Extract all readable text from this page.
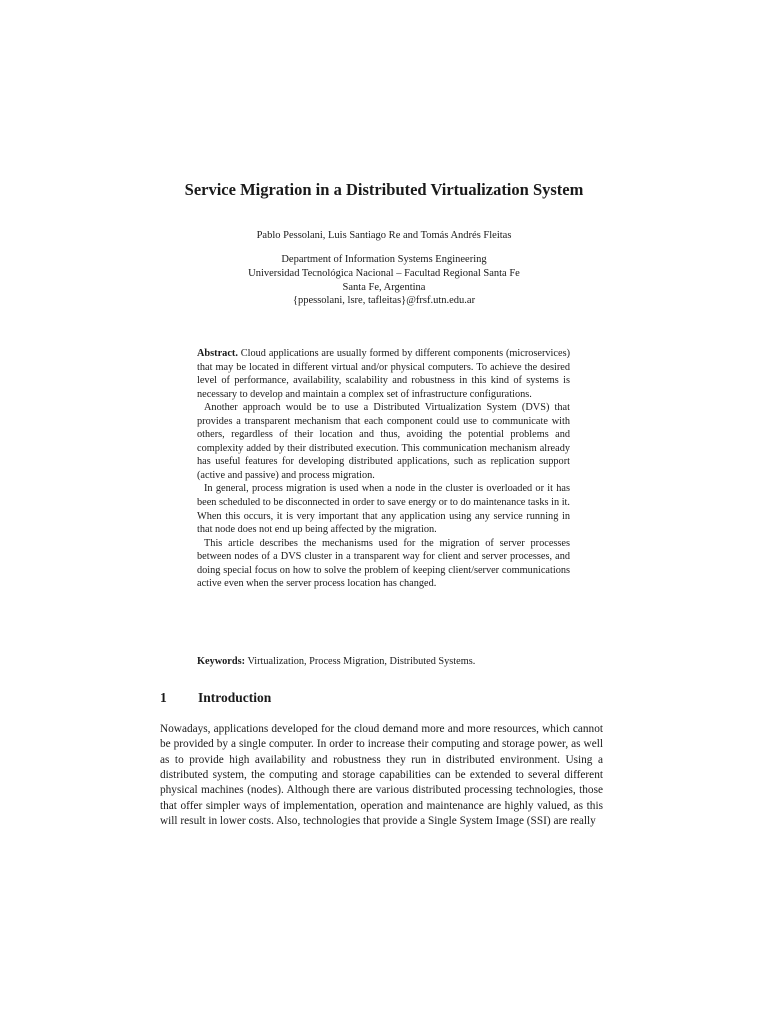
Service Migration in a Distributed Virtualization System
Pablo Pessolani, Luis Santiago Re and Tomás Andrés Fleitas
Department of Information Systems Engineering
Universidad Tecnológica Nacional – Facultad Regional Santa Fe
Santa Fe, Argentina
{ppessolani, lsre, tafleitas}@frsf.utn.edu.ar

Abstract. Cloud applications are usually formed by different components (microservices) that may be located in different virtual and/or physical computers. To achieve the desired level of performance, availability, scalability and robustness in this kind of systems is necessary to develop and maintain a complex set of infrastructure configurations.

Another approach would be to use a Distributed Virtualization System (DVS) that provides a transparent mechanism that each component could use to communicate with others, regardless of their location and thus, avoiding the potential problems and complexity added by their distributed execution. This communication mechanism already has useful features for developing distributed applications, such as replication support (active and passive) and process migration.

In general, process migration is used when a node in the cluster is overloaded or it has been scheduled to be disconnected in order to save energy or to do maintenance tasks in it. When this occurs, it is very important that any application using any service running in that node does not end up being affected by the migration.

This article describes the mechanisms used for the migration of server processes between nodes of a DVS cluster in a transparent way for client and server processes, and doing special focus on how to solve the problem of keeping client/server communications active even when the server process location has changed.

Keywords: Virtualization, Process Migration, Distributed Systems.
1 Introduction

Nowadays, applications developed for the cloud demand more and more resources, which cannot be provided by a single computer. In order to increase their computing and storage power, as well as to provide high availability and robustness they run in distributed environment. Using a distributed system, the computing and storage capabilities can be extended to several different physical machines (nodes). Although there are various distributed processing technologies, those that offer simpler ways of implementation, operation and maintenance are highly valued, as this will result in lower costs. Also, technologies that provide a Single System Image (SSI) are really
